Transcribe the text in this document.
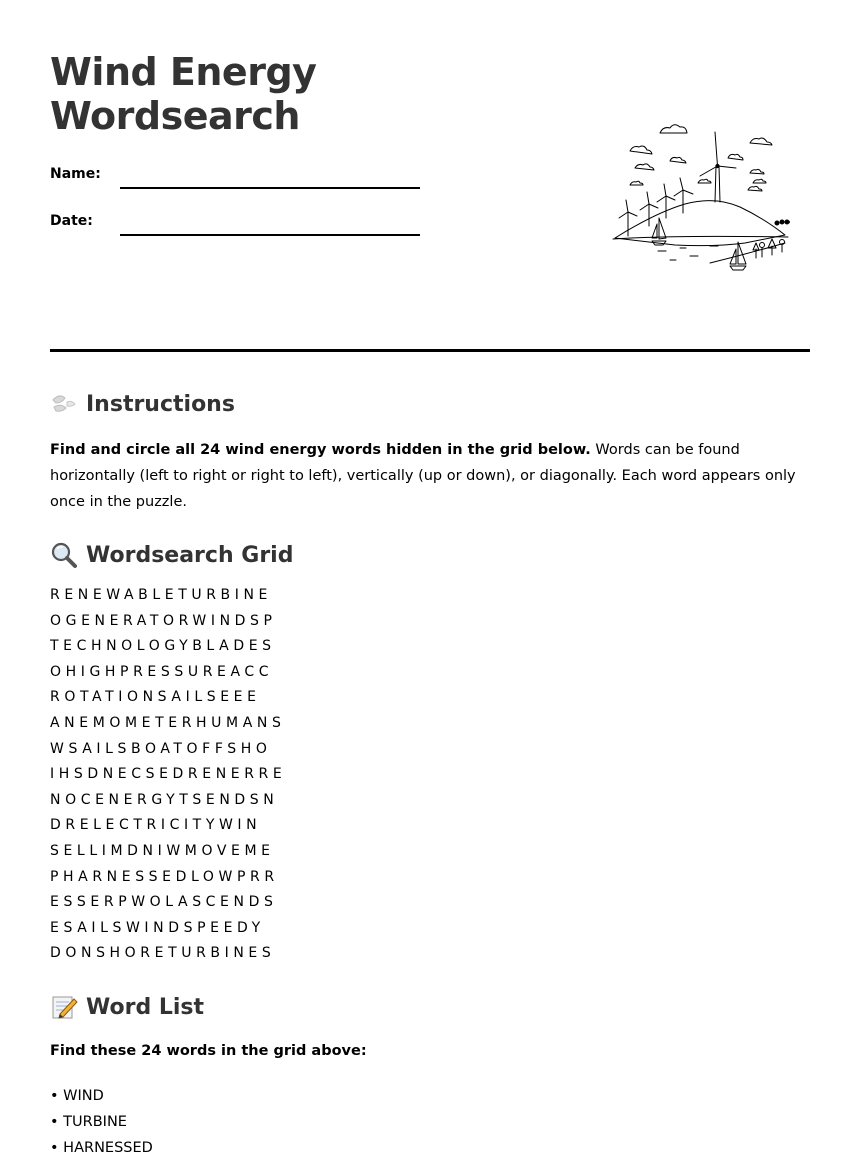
Wind Energy
Wordsearch
Name:
Date:
Instructions

Find and circle all 24 wind energy words hidden in the grid below. Words can be found horizontally (left to right or right to left), vertically (up or down), or diagonally. Each word appears only once in the puzzle.

Wordsearch Grid
RENEWABLETURBINE
OGENERATORWINDSP
TECHNOLOGYBLADES
OHIGHPRESSUREACC
ROTATIONSAILSEEE
ANEMOMETERHUMANS
WSAILSBOATOFFSHO
IHSDNECSEDRENERRE
NOCENERGYTSENDSN
DRELECTRICITYWIN
SELLIMDNIWMOVEME
PHARNESSEDLOWPRR
ESSERPWOLASCENDS
ESAILSWINDSPEEDY
DONSHORETURBINES
Word List

Find these 24 words in the grid above:

• WIND
• TURBINE
• HARNESSED
